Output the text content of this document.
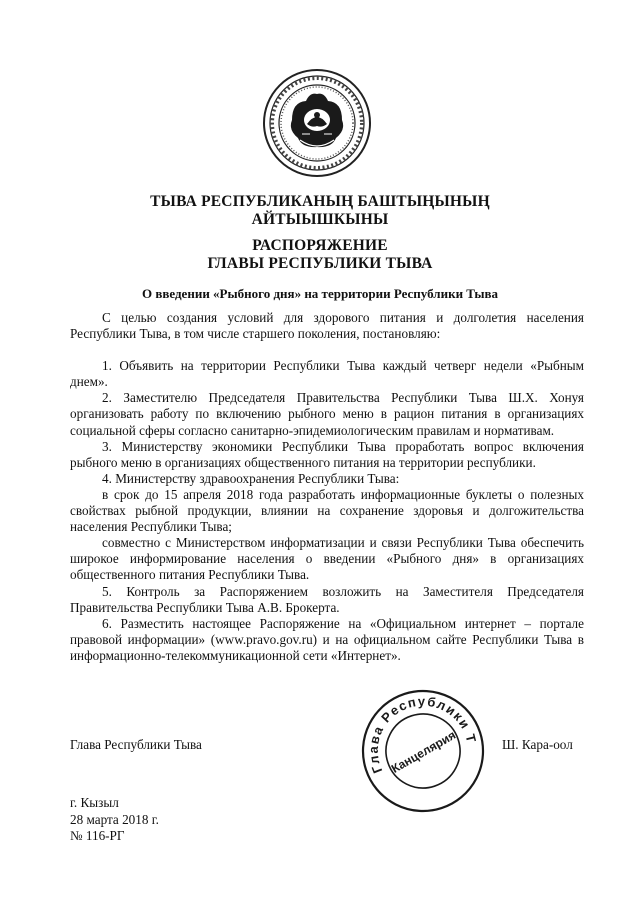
ТЫВА РЕСПУБЛИКАНЫҢ БАШТЫҢЫНЫҢ
АЙТЫЫШКЫНЫ
РАСПОРЯЖЕНИЕ
ГЛАВЫ РЕСПУБЛИКИ ТЫВА
О введении «Рыбного дня» на территории Республики Тыва

С целью создания условий для здорового питания и долголетия населения Республики Тыва, в том числе старшего поколения, постановляю:

1. Объявить на территории Республики Тыва каждый четверг недели «Рыбным днем».

2. Заместителю Председателя Правительства Республики Тыва Ш.Х. Хонуя организовать работу по включению рыбного меню в рацион питания в организациях социальной сферы согласно санитарно-эпидемиологическим правилам и нормативам.

3. Министерству экономики Республики Тыва проработать вопрос включения рыбного меню в организациях общественного питания на территории республики.

4. Министерству здравоохранения Республики Тыва:

в срок до 15 апреля 2018 года разработать информационные буклеты о полезных свойствах рыбной продукции, влиянии на сохранение здоровья и долгожительства населения Республики Тыва;

совместно с Министерством информатизации и связи Республики Тыва обеспечить широкое информирование населения о введении «Рыбного дня» в организациях общественного питания Республики Тыва.

5. Контроль за Распоряжением возложить на Заместителя Председателя Правительства Республики Тыва А.В. Брокерта.

6. Разместить настоящее Распоряжение на «Официальном интернет – портале правовой информации» (www.pravo.gov.ru) и на официальном сайте Республики Тыва в информационно-телекоммуникационной сети «Интернет».

Глава Республики Тыва
Канцелярия
Глава Республики Тыва	Ш. Кара-оол
г. Кызыл
28 марта 2018 г.
№ 116-РГ
